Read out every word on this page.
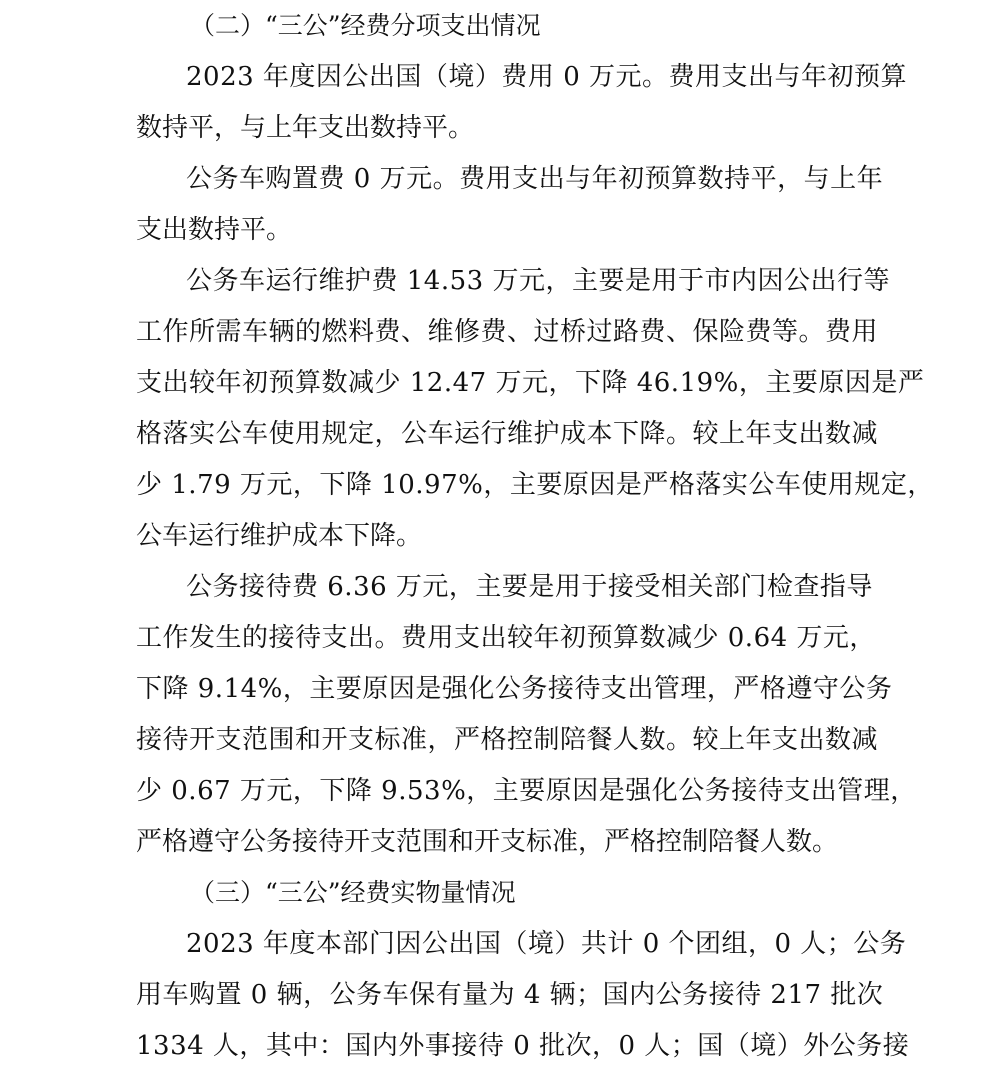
（二）“三公”经费分项支出情况
2023 年度因公出国（境）费用 0 万元。费用支出与年初预算
数持平，与上年支出数持平。
公务车购置费 0 万元。费用支出与年初预算数持平，与上年
支出数持平。
公务车运行维护费 14.53 万元，主要是用于市内因公出行等
工作所需车辆的燃料费、维修费、过桥过路费、保险费等。费用
支出较年初预算数减少 12.47 万元，下降 46.19%，主要原因是严
格落实公车使用规定，公车运行维护成本下降。较上年支出数减
少 1.79 万元，下降 10.97%，主要原因是严格落实公车使用规定，
公车运行维护成本下降。
公务接待费 6.36 万元，主要是用于接受相关部门检查指导
工作发生的接待支出。费用支出较年初预算数减少 0.64 万元，
下降 9.14%，主要原因是强化公务接待支出管理，严格遵守公务
接待开支范围和开支标准，严格控制陪餐人数。较上年支出数减
少 0.67 万元，下降 9.53%，主要原因是强化公务接待支出管理，
严格遵守公务接待开支范围和开支标准，严格控制陪餐人数。
（三）“三公”经费实物量情况
2023 年度本部门因公出国（境）共计 0 个团组，0 人；公务
用车购置 0 辆，公务车保有量为 4 辆；国内公务接待 217 批次
1334 人，其中：国内外事接待 0 批次，0 人；国（境）外公务接
